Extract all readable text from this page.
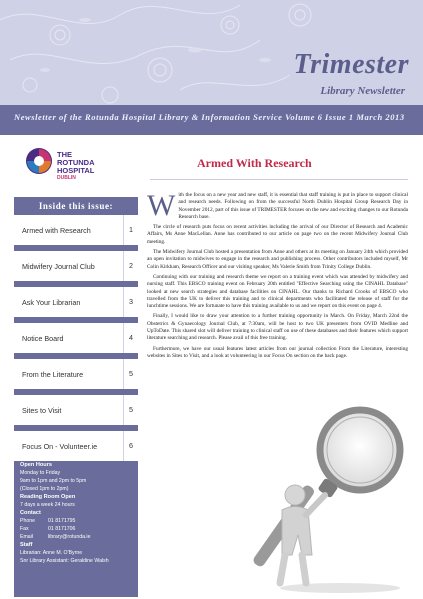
Trimester
Library Newsletter
Newsletter of the Rotunda Hospital Library & Information Service Volume 6 Issue 1 March 2013
THE
ROTUNDA
HOSPITAL
DUBLIN
Inside this issue:
Armed with Research	1
Midwifery Journal Club	2
Ask Your Librarian	3
Notice Board	4
From the Literature	5
Sites to Visit	5
Focus On - Volunteer.ie	6
Library & Information Service
Open Hours
Monday to Friday
9am to 1pm and 2pm to 5pm
(Closed 1pm to 2pm)
Reading Room Open
7 days a week 24 hours
Contact
Phone	01 8171795
Fax	01 8171706
Email	library@rotunda.ie
Staff
Librarian: Anne M. O'Byrne
Snr Library Assistant: Geraldine Walsh
Armed With Research

With the focus on a new year and new staff, it is essential that staff training is put in place to support clinical and research needs. Following on from the successful North Dublin Hospital Group Research Day in November 2012, part of this issue of TRIMESTER focuses on the new and exciting changes to our Rotunda Research base.

The circle of research puts focus on recent activities including the arrival of our Director of Research and Academic Affairs, Ms Anne MacLellan. Anne has contributed to our article on page two on the recent Midwifery Journal Club meeting.

The Midwifery Journal Club hosted a presentation from Anne and others at its meeting on January 24th which provided an open invitation to midwives to engage in the research and publishing process. Other contributors included myself, Mr Colin Kirkham, Research Officer and our visiting speaker, Ms Valerie Smith from Trinity College Dublin.

Continuing with our training and research theme we report on a training event which was attended by midwifery and nursing staff. This EBSCO training event on February 20th entitled "Effective Searching using the CINAHL Database" looked at new search strategies and database facilities on CINAHL. Our thanks to Richard Crooks of EBSCO who travelled from the UK to deliver this training and to clinical departments who facilitated the release of staff for the lunchtime sessions. We are fortunate to have this training available to us and we report on this event on page 4.

Finally, I would like to draw your attention to a further training opportunity in March. On Friday, March 22nd the Obstetrics & Gynaecology Journal Club, at 7:30am, will be host to two UK presenters from OVID Medline and UpToDate. This shared slot will deliver training to clinical staff on use of these databases and their features which support literature searching and research. Please avail of this free training.

Furthermore, we have our usual features latest articles from our journal collection From the Literature, interesting websites in Sites to Visit, and a look at volunteering in our Focus On section on the back page.
